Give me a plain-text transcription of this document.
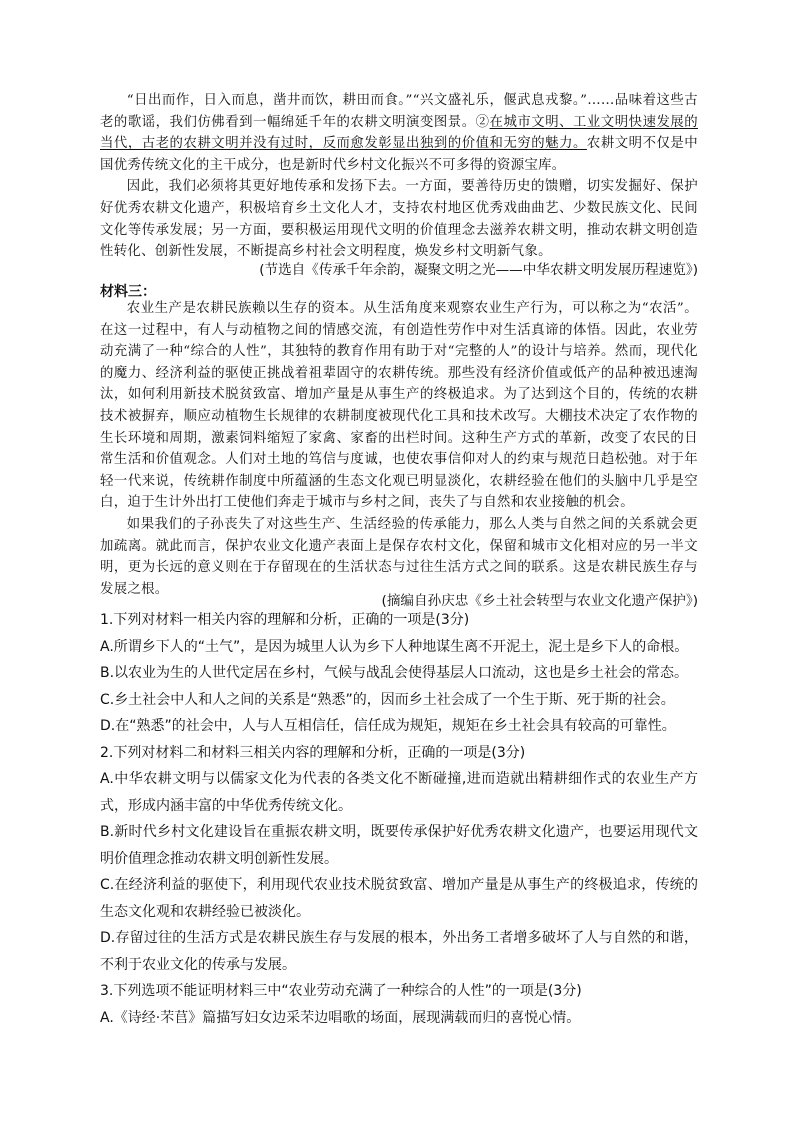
“日出而作，日入而息，凿井而饮，耕田而食。”“兴文盛礼乐，偃武息戎黎。”……品味着这些古老的歌谣，我们仿佛看到一幅绵延千年的农耕文明演变图景。②在城市文明、工业文明快速发展的当代，古老的农耕文明并没有过时，反而愈发彰显出独到的价值和无穷的魅力。农耕文明不仅是中国优秀传统文化的主干成分，也是新时代乡村文化振兴不可多得的资源宝库。

因此，我们必须将其更好地传承和发扬下去。一方面，要善待历史的馈赠，切实发掘好、保护好优秀农耕文化遗产，积极培育乡土文化人才，支持农村地区优秀戏曲曲艺、少数民族文化、民间文化等传承发展；另一方面，要积极运用现代文明的价值理念去滋养农耕文明，推动农耕文明创造性转化、创新性发展，不断提高乡村社会文明程度，焕发乡村文明新气象。

(节选自《传承千年余韵，凝聚文明之光——中华农耕文明发展历程速览》)
材料三：

农业生产是农耕民族赖以生存的资本。从生活角度来观察农业生产行为，可以称之为“农活”。在这一过程中，有人与动植物之间的情感交流，有创造性劳作中对生活真谛的体悟。因此，农业劳动充满了一种“综合的人性”，其独特的教育作用有助于对“完整的人”的设计与培养。然而，现代化的魔力、经济利益的驱使正挑战着祖辈固守的农耕传统。那些没有经济价值或低产的品种被迅速淘汰，如何利用新技术脱贫致富、增加产量是从事生产的终极追求。为了达到这个目的，传统的农耕技术被摒弃，顺应动植物生长规律的农耕制度被现代化工具和技术改写。大棚技术决定了农作物的生长环境和周期，激素饲料缩短了家禽、家畜的出栏时间。这种生产方式的革新，改变了农民的日常生活和价值观念。人们对土地的笃信与度诚，也使农事信仰对人的约束与规范日趋松弛。对于年轻一代来说，传统耕作制度中所蕴涵的生态文化观已明显淡化，农耕经验在他们的头脑中几乎是空白，迫于生计外出打工使他们奔走于城市与乡村之间，丧失了与自然和农业接触的机会。

如果我们的子孙丧失了对这些生产、生活经验的传承能力，那么人类与自然之间的关系就会更加疏离。就此而言，保护农业文化遗产表面上是保存农村文化，保留和城市文化相对应的另一半文明，更为长远的意义则在于存留现在的生活状态与过往生活方式之间的联系。这是农耕民族生存与发展之根。

(摘编自孙庆忠《乡土社会转型与农业文化遗产保护》)
1.下列对材料一相关内容的理解和分析，正确的一项是(3分)
A.所谓乡下人的“土气”，是因为城里人认为乡下人种地谋生离不开泥土，泥土是乡下人的命根。
B.以农业为生的人世代定居在乡村，气候与战乱会使得基层人口流动，这也是乡土社会的常态。
C.乡土社会中人和人之间的关系是“熟悉”的，因而乡土社会成了一个生于斯、死于斯的社会。
D.在“熟悉”的社会中，人与人互相信任，信任成为规矩，规矩在乡土社会具有较高的可靠性。
2.下列对材料二和材料三相关内容的理解和分析，正确的一项是(3分)
A.中华农耕文明与以儒家文化为代表的各类文化不断碰撞,进而造就出精耕细作式的农业生产方式，形成内涵丰富的中华优秀传统文化。
B.新时代乡村文化建设旨在重振农耕文明，既要传承保护好优秀农耕文化遗产，也要运用现代文明价值理念推动农耕文明创新性发展。
C.在经济利益的驱使下，利用现代农业技术脱贫致富、增加产量是从事生产的终极追求，传统的生态文化观和农耕经验已被淡化。
D.存留过往的生活方式是农耕民族生存与发展的根本，外出务工者增多破坏了人与自然的和谐，不利于农业文化的传承与发展。
3.下列选项不能证明材料三中“农业劳动充满了一种综合的人性”的一项是(3分)
A.《诗经·芣苢》篇描写妇女边采芣边唱歌的场面，展现满载而归的喜悦心情。
